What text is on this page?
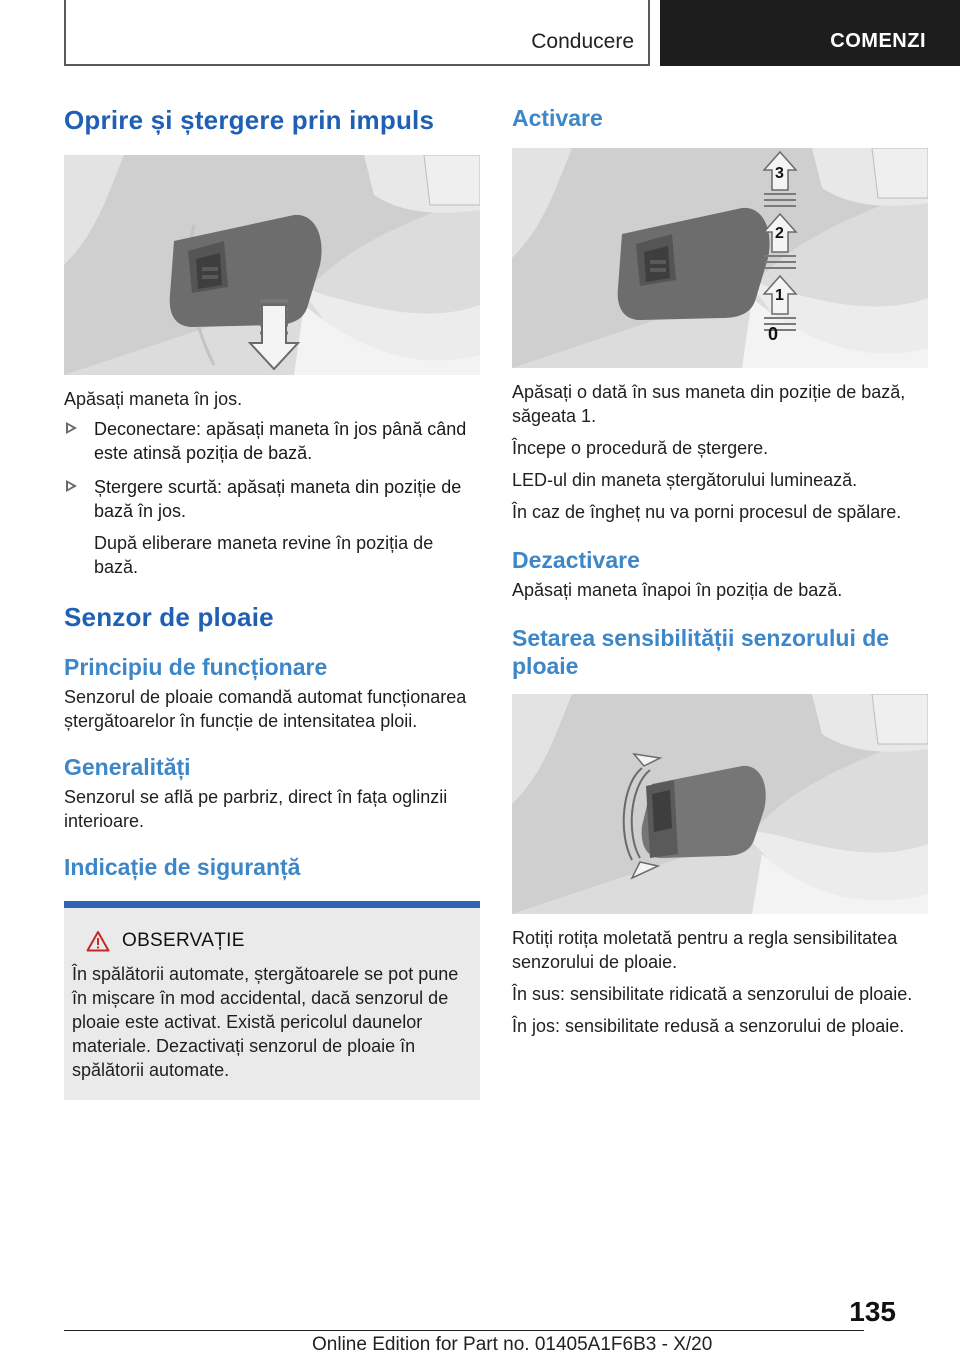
Conducere	COMENZI
Oprire și ștergere prin impuls

Apăsați maneta în jos.

Deconectare: apăsați maneta în jos până când este atinsă poziția de bază.
Ștergere scurtă: apăsați maneta din poziție de bază în jos.

După eliberare maneta revine în poziția de bază.

Senzor de ploaie
Principiu de funcționare

Senzorul de ploaie comandă automat funcționarea ștergătoarelor în funcție de intensitatea ploii.

Generalități

Senzorul se află pe parbriz, direct în fața oglinzii interioare.

Indicație de siguranță
OBSERVAȚIE

În spălătorii automate, ștergătoarele se pot pune în mișcare în mod accidental, dacă senzorul de ploaie este activat. Există pericolul daunelor materiale. Dezactivați senzorul de ploaie în spălătorii automate.

Activare
0
1
2
3

Apăsați o dată în sus maneta din poziție de bază, săgeata 1.

Începe o procedură de ștergere.

LED-ul din maneta ștergătorului luminează.

În caz de îngheț nu va porni procesul de spălare.

Dezactivare

Apăsați maneta înapoi în poziția de bază.

Setarea sensibilității senzorului de ploaie

Rotiți rotița moletată pentru a regla sensibilitatea senzorului de ploaie.

În sus: sensibilitate ridicată a senzorului de ploaie.

În jos: sensibilitate redusă a senzorului de ploaie.

135
Online Edition for Part no. 01405A1F6B3 - X/20
